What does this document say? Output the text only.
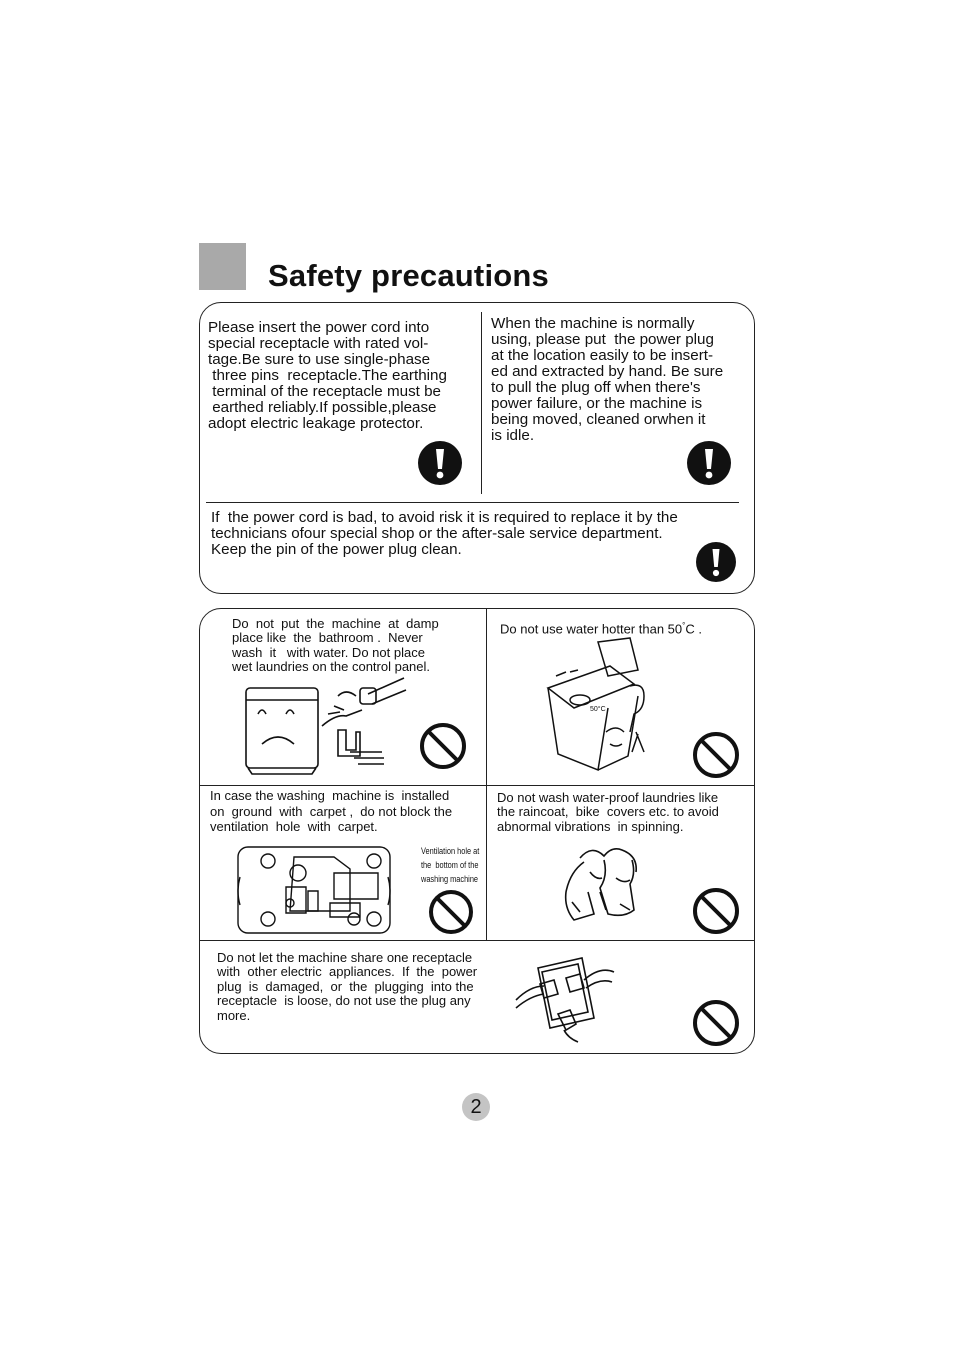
Safety precautions
Please insert the power cord into
special receptacle with rated vol-
tage.Be sure to use single-phase
three pins  receptacle.The earthing
terminal of the receptacle must be
earthed reliably.If possible,please
adopt electric leakage protector.
When the machine is normally
using, please put  the power plug
at the location easily to be insert-
ed and extracted by hand. Be sure
to pull the plug off when there's
power failure, or the machine is
being moved, cleaned orwhen it
is idle.
If  the power cord is bad, to avoid risk it is required to replace it by the
technicians ofour special shop or the after-sale service department.
Keep the pin of the power plug clean.
Do  not  put  the  machine  at  damp
place like  the  bathroom .  Never
wash  it   with water. Do not place
wet laundries on the control panel.
Do not use water hotter than 50°C .
50°C
In case the washing  machine is  installed
on  ground  with  carpet ,  do not block the
ventilation  hole  with  carpet.
Ventilation hole at
the  bottom of the
washing machine
Do not wash water-proof laundries like
the raincoat,  bike  covers etc. to avoid
abnormal vibrations  in spinning.
Do not let the machine share one receptacle
with  other electric  appliances.  If  the  power
plug  is  damaged,  or  the  plugging  into the
receptacle  is loose, do not use the plug any
more.
2
